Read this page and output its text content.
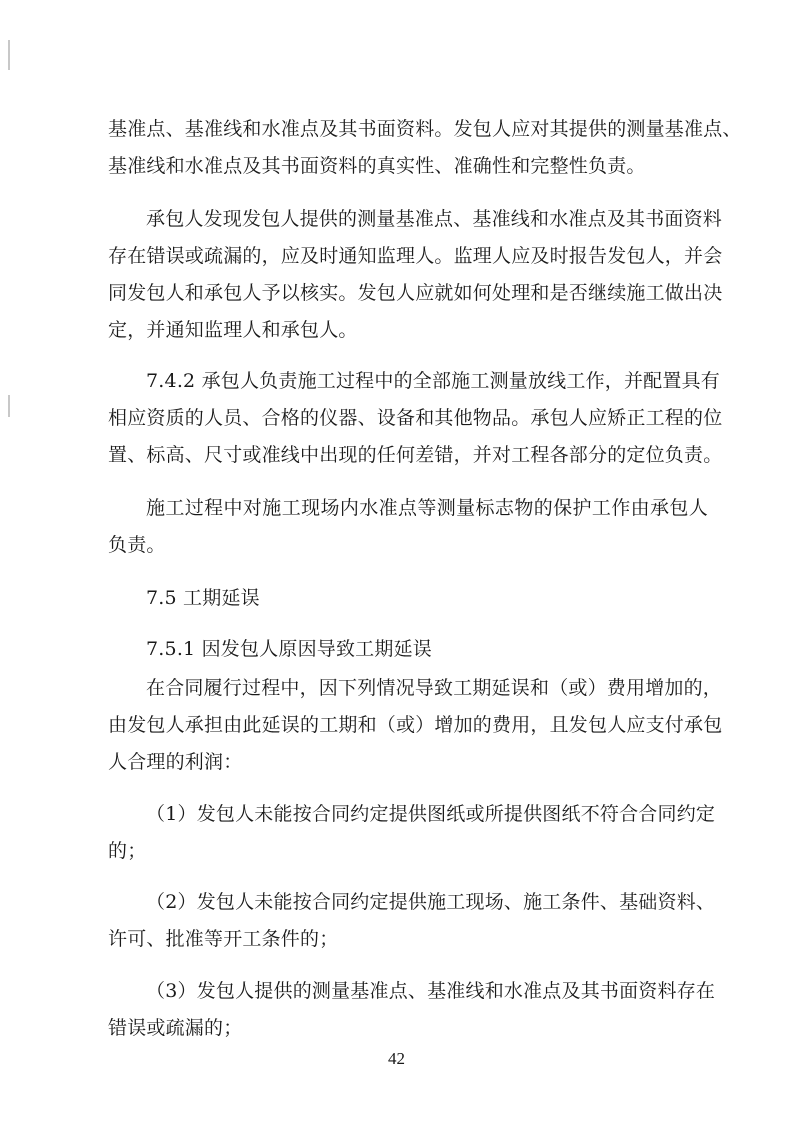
基准点、基准线和水准点及其书面资料。发包人应对其提供的测量基准点、
基准线和水准点及其书面资料的真实性、准确性和完整性负责。
承包人发现发包人提供的测量基准点、基准线和水准点及其书面资料
存在错误或疏漏的，应及时通知监理人。监理人应及时报告发包人，并会
同发包人和承包人予以核实。发包人应就如何处理和是否继续施工做出决
定，并通知监理人和承包人。
7.4.2 承包人负责施工过程中的全部施工测量放线工作，并配置具有
相应资质的人员、合格的仪器、设备和其他物品。承包人应矫正工程的位
置、标高、尺寸或准线中出现的任何差错，并对工程各部分的定位负责。
施工过程中对施工现场内水准点等测量标志物的保护工作由承包人
负责。
7.5 工期延误
7.5.1 因发包人原因导致工期延误
在合同履行过程中，因下列情况导致工期延误和（或）费用增加的，
由发包人承担由此延误的工期和（或）增加的费用，且发包人应支付承包
人合理的利润：
（1）发包人未能按合同约定提供图纸或所提供图纸不符合合同约定
的；
（2）发包人未能按合同约定提供施工现场、施工条件、基础资料、
许可、批准等开工条件的；
（3）发包人提供的测量基准点、基准线和水准点及其书面资料存在
错误或疏漏的；
42
